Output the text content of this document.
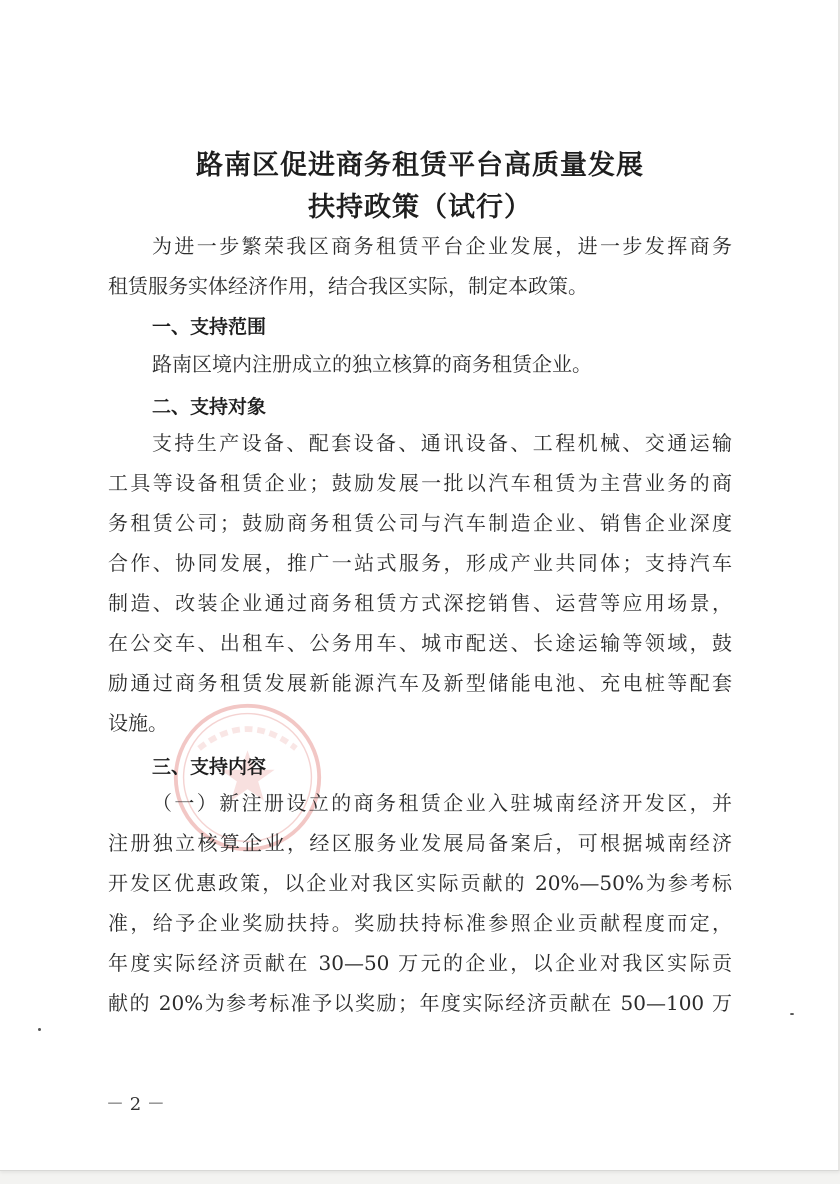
路南区促进商务租赁平台高质量发展
扶持政策（试行）
为进一步繁荣我区商务租赁平台企业发展，进一步发挥商务
租赁服务实体经济作用，结合我区实际，制定本政策。
一、支持范围
路南区境内注册成立的独立核算的商务租赁企业。
二、支持对象
支持生产设备、配套设备、通讯设备、工程机械、交通运输
工具等设备租赁企业；鼓励发展一批以汽车租赁为主营业务的商
务租赁公司；鼓励商务租赁公司与汽车制造企业、销售企业深度
合作、协同发展，推广一站式服务，形成产业共同体；支持汽车
制造、改装企业通过商务租赁方式深挖销售、运营等应用场景，
在公交车、出租车、公务用车、城市配送、长途运输等领域，鼓
励通过商务租赁发展新能源汽车及新型储能电池、充电桩等配套
设施。
三、支持内容
（一）新注册设立的商务租赁企业入驻城南经济开发区，并
注册独立核算企业，经区服务业发展局备案后，可根据城南经济
开发区优惠政策，以企业对我区实际贡献的 20%—50%为参考标
准，给予企业奖励扶持。奖励扶持标准参照企业贡献程度而定，
年度实际经济贡献在 30—50 万元的企业，以企业对我区实际贡
献的 20%为参考标准予以奖励；年度实际经济贡献在 50—100 万
－ 2 －
